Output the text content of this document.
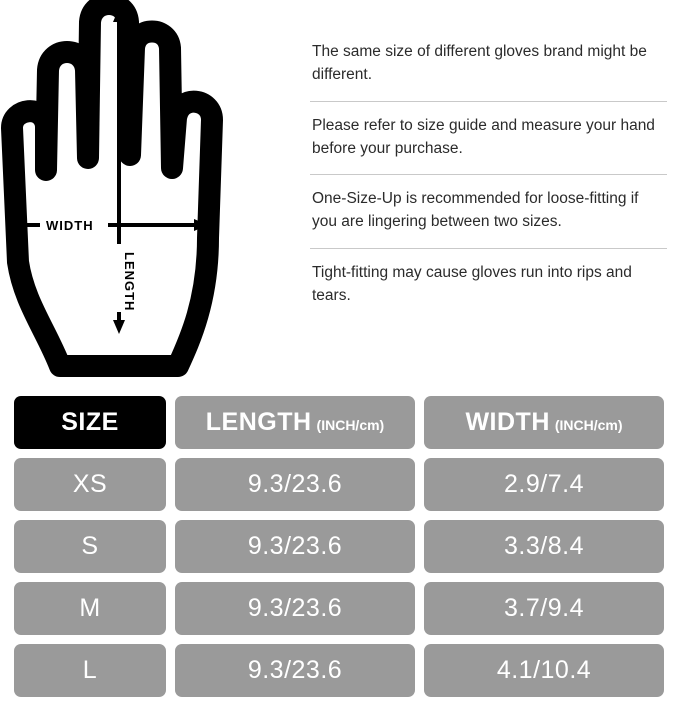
WIDTH
LENGTH
The same size of different gloves brand might be different.
Please refer to size guide and measure your hand before your purchase.
One-Size-Up is recommended for loose-fitting if you are lingering between two sizes.
Tight-fitting may cause gloves run into rips and tears.
SIZE	LENGTH (INCH/cm)	WIDTH (INCH/cm)
XS	9.3/23.6	2.9/7.4
S	9.3/23.6	3.3/8.4
M	9.3/23.6	3.7/9.4
L	9.3/23.6	4.1/10.4
